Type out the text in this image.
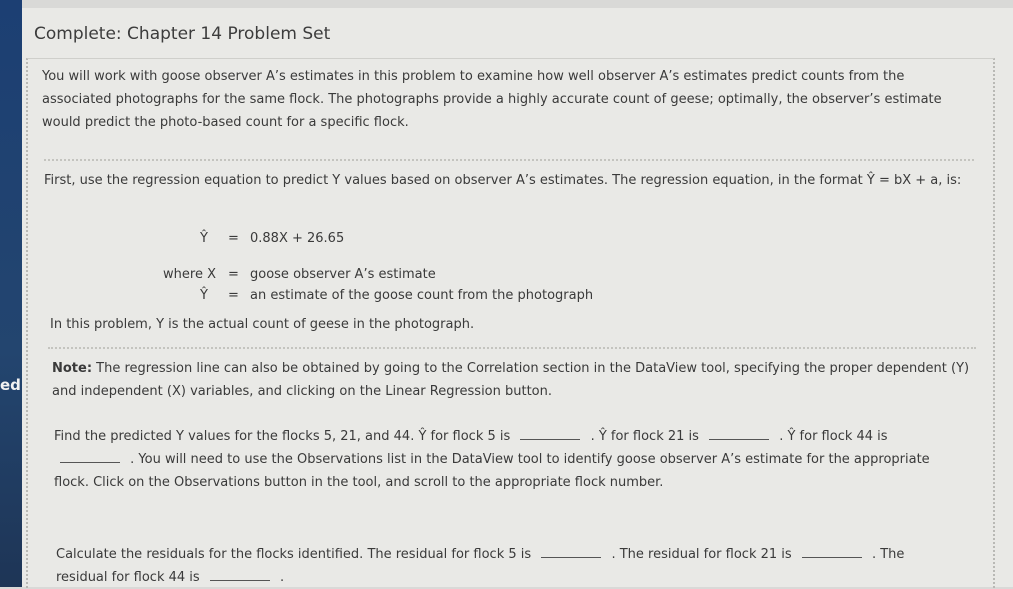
ed
Complete: Chapter 14 Problem Set
You will work with goose observer A’s estimates in this problem to examine how well observer A’s estimates predict counts from the associated photographs for the same flock. The photographs provide a highly accurate count of geese; optimally, the observer’s estimate would predict the photo-based count for a specific flock.
First, use the regression equation to predict Y values based on observer A’s estimates. The regression equation, in the format Ŷ = bX + a, is:
Ŷ = 0.88X + 26.65
where X = goose observer A’s estimate
Ŷ = an estimate of the goose count from the photograph
In this problem, Y is the actual count of geese in the photograph.
Note: The regression line can also be obtained by going to the Correlation section in the DataView tool, specifying the proper dependent (Y) and independent (X) variables, and clicking on the Linear Regression button.
Find the predicted Y values for the flocks 5, 21, and 44. Ŷ for flock 5 is	. Ŷ for flock 21 is	. Ŷ for flock 44 is  . You will need to use the Observations list in the DataView tool to identify goose observer A’s estimate for the appropriate flock. Click on the Observations button in the tool, and scroll to the appropriate flock number.
Calculate the residuals for the flocks identified. The residual for flock 5 is	. The residual for flock 21 is	. The residual for flock 44 is	.
